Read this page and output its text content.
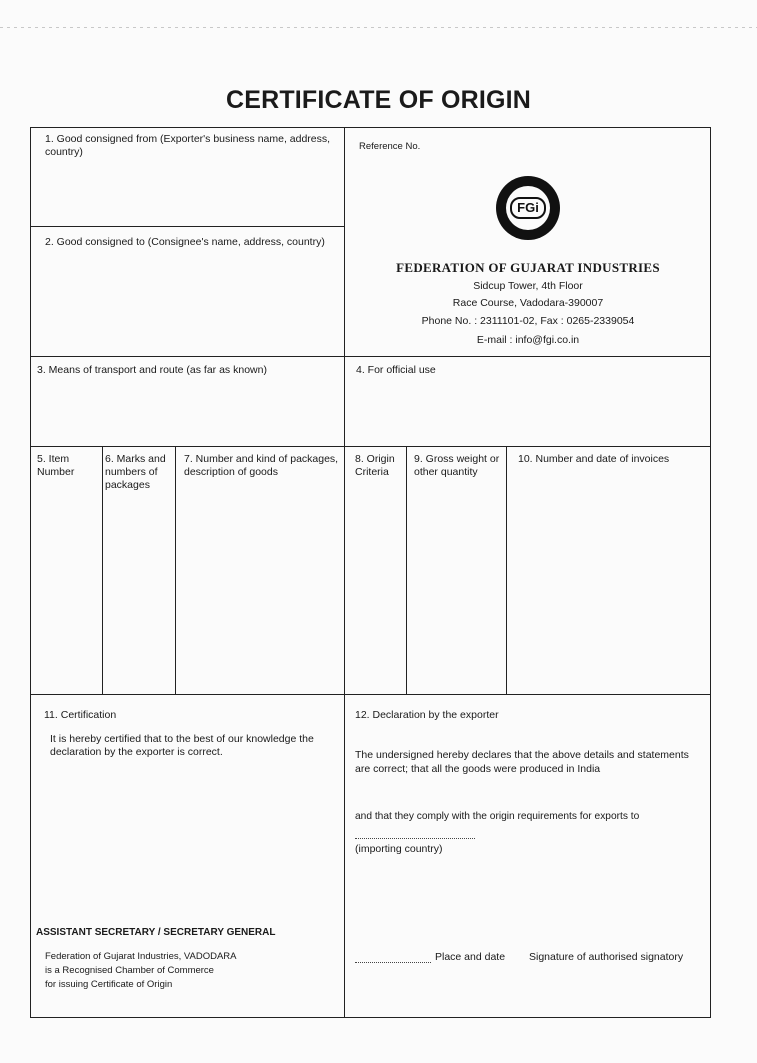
CERTIFICATE OF ORIGIN
1. Good consigned from (Exporter's business name, address, country)
2. Good consigned to (Consignee's name, address, country)
Reference No.
FGi
FEDERATION OF GUJARAT INDUSTRIES
Sidcup Tower, 4th Floor
Race Course, Vadodara-390007
Phone No. : 2311101-02, Fax : 0265-2339054
E-mail : info@fgi.co.in
3. Means of transport and route (as far as known)	4. For official use
5. Item Number
6. Marks and numbers of packages
7. Number and kind of packages, description of goods
8. Origin Criteria
9. Gross weight or other quantity
10. Number and date of invoices
11. Certification
It is hereby certified that to the best of our knowledge the declaration by the exporter is correct.
ASSISTANT SECRETARY / SECRETARY GENERAL
Federation of Gujarat Industries, VADODARA
is a Recognised Chamber of Commerce
for issuing Certificate of Origin
12. Declaration by the exporter
The undersigned hereby declares that the above details and statements are correct; that all the goods were produced in India
and that they comply with the origin requirements for exports to
(importing country)
Place and date Signature of authorised signatory
